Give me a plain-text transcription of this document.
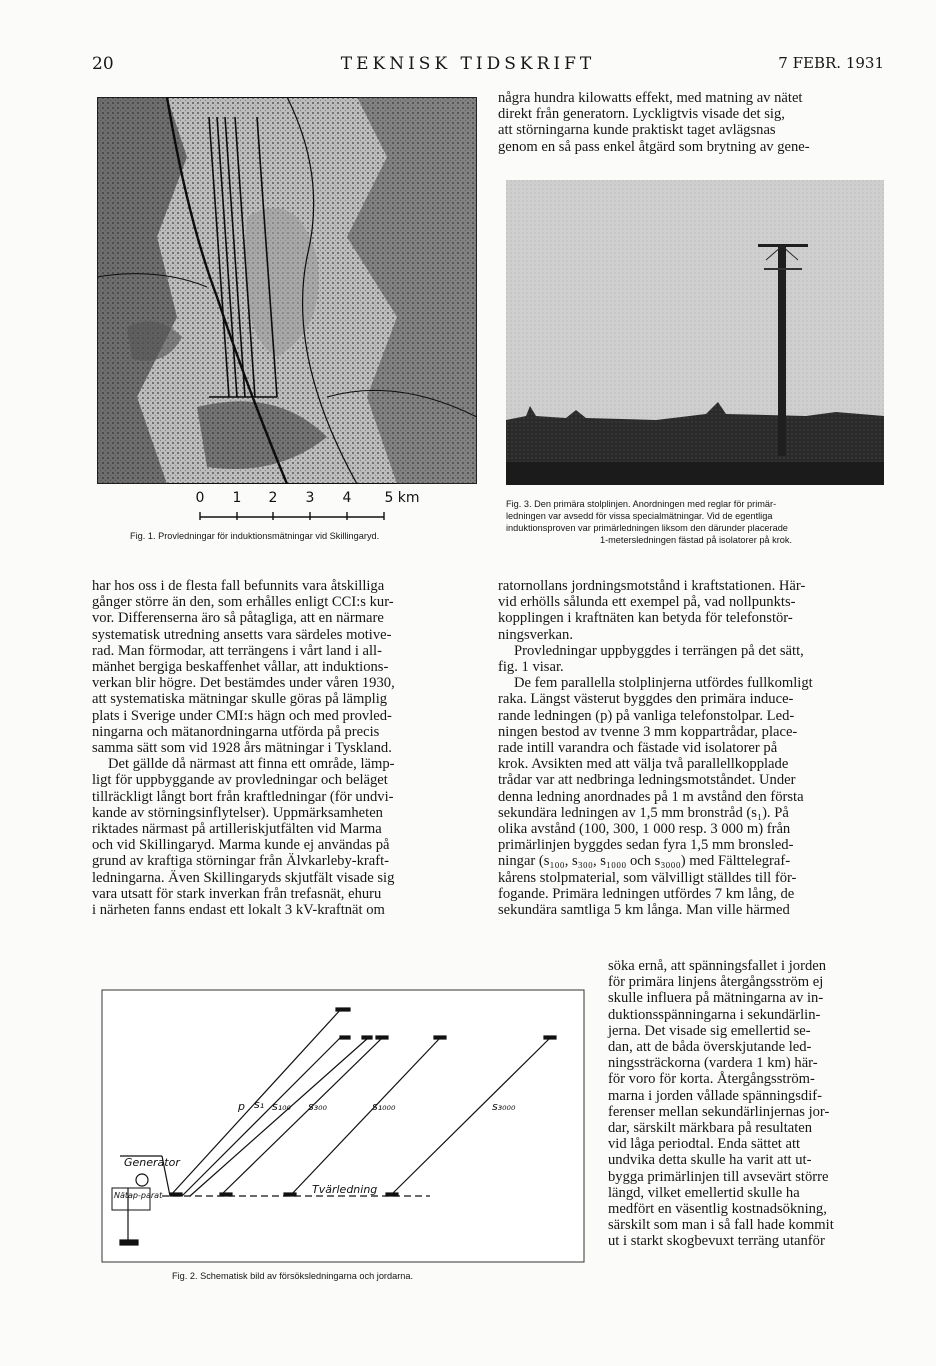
20	TEKNISK TIDSKRIFT	7 FEBR. 1931
0 1 2 3 4 5 km
Fig. 1. Provledningar för induktionsmätningar vid Skillingaryd.
några hundra kilowatts effekt, med matning av nätet
direkt från generatorn. Lyckligtvis visade det sig,
att störningarna kunde praktiskt taget avlägsnas
genom en så pass enkel åtgärd som brytning av gene-
Fig. 3. Den primära stolplinjen. Anordningen med reglar för primär-
ledningen var avsedd för vissa specialmätningar. Vid de egentliga
induktionsproven var primärledningen liksom den därunder placerade
1-metersledningen fästad på isolatorer på krok.
har hos oss i de flesta fall befunnits vara åtskilliga
gånger större än den, som erhålles enligt CCI:s kur-
vor. Differenserna äro så påtagliga, att en närmare
systematisk utredning ansetts vara särdeles motive-
rad. Man förmodar, att terrängens i vårt land i all-
mänhet bergiga beskaffenhet vållar, att induktions-
verkan blir högre. Det bestämdes under våren 1930,
att systematiska mätningar skulle göras på lämplig
plats i Sverige under CMI:s hägn och med provled-
ningarna och mätanordningarna utförda på precis
samma sätt som vid 1928 års mätningar i Tyskland.
Det gällde då närmast att finna ett område, lämp-
ligt för uppbyggande av provledningar och beläget
tillräckligt långt bort från kraftledningar (för undvi-
kande av störningsinflytelser). Uppmärksamheten
riktades närmast på artilleriskjutfälten vid Marma
och vid Skillingaryd. Marma kunde ej användas på
grund av kraftiga störningar från Älvkarleby-kraft-
ledningarna. Även Skillingaryds skjutfält visade sig
vara utsatt för stark inverkan från trefasnät, ehuru
i närheten fanns endast ett lokalt 3 kV-kraftnät om
ratornollans jordningsmotstånd i kraftstationen. Här-
vid erhölls sålunda ett exempel på, vad nollpunkts-
kopplingen i kraftnäten kan betyda för telefonstör-
ningsverkan.
Provledningar uppbyggdes i terrängen på det sätt,
fig. 1 visar.
De fem parallella stolplinjerna utfördes fullkomligt
raka. Längst västerut byggdes den primära induce-
rande ledningen (p) på vanliga telefonstolpar. Led-
ningen bestod av tvenne 3 mm koppartrådar, place-
rade intill varandra och fästade vid isolatorer på
krok. Avsikten med att välja två parallellkopplade
trådar var att nedbringa ledningsmotståndet. Under
denna ledning anordnades på 1 m avstånd den första
sekundära ledningen av 1,5 mm bronstråd (s₁). På
olika avstånd (100, 300, 1 000 resp. 3 000 m) från
primärlinjen byggdes sedan fyra 1,5 mm bronsled-
ningar (s₁₀₀, s₃₀₀, s₁₀₀₀ och s₃₀₀₀) med Fälttelegraf-
kårens stolpmaterial, som välvilligt ställdes till för-
fogande. Primära ledningen utfördes 7 km lång, de
sekundära samtliga 5 km långa. Man ville härmed
söka ernå, att spänningsfallet i jorden
för primära linjens återgångsström ej
skulle influera på mätningarna av in-
duktionsspänningarna i sekundärlin-
jerna. Det visade sig emellertid se-
dan, att de båda överskjutande led-
ningssträckorna (vardera 1 km) här-
för voro för korta. Återgångsström-
marna i jorden vållade spänningsdif-
ferenser mellan sekundärlinjernas jor-
dar, särskilt märkbara på resultaten
vid låga periodtal. Enda sättet att
undvika detta skulle ha varit att ut-
bygga primärlinjen till avsevärt större
längd, vilket emellertid skulle ha
medfört en väsentlig kostnadsökning,
särskilt som man i så fall hade kommit
ut i starkt skogbevuxt terräng utanför
Generator
Nätap-parat
p s₁ s₁₀₀ s₃₀₀	s₁₀₀₀	s₃₀₀₀
Tvärledning
Fig. 2. Schematisk bild av försöksledningarna och jordarna.
